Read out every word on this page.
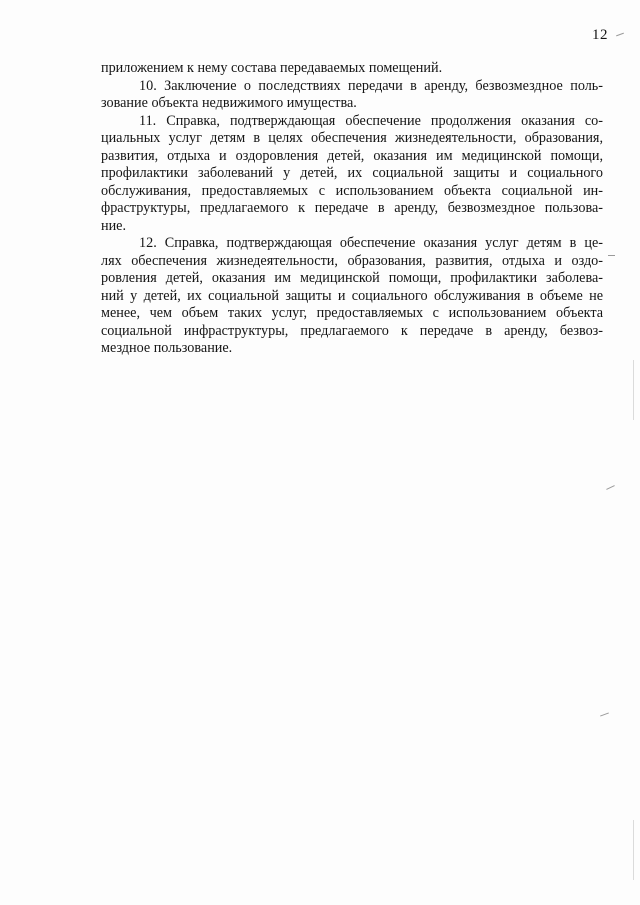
12
приложением к нему состава передаваемых помещений.
10. Заключение о последствиях передачи в аренду, безвозмездное поль-
зование объекта недвижимого имущества.
11. Справка, подтверждающая обеспечение продолжения оказания со-
циальных услуг детям в целях обеспечения жизнедеятельности, образования,
развития, отдыха и оздоровления детей, оказания им медицинской помощи,
профилактики заболеваний у детей, их социальной защиты и социального
обслуживания, предоставляемых с использованием объекта социальной ин-
фраструктуры, предлагаемого к передаче в аренду, безвозмездное пользова-
ние.
12. Справка, подтверждающая обеспечение оказания услуг детям в це-
лях обеспечения жизнедеятельности, образования, развития, отдыха и оздо-
ровления детей, оказания им медицинской помощи, профилактики заболева-
ний у детей, их социальной защиты и социального обслуживания в объеме не
менее, чем объем таких услуг, предоставляемых с использованием объекта
социальной инфраструктуры, предлагаемого к передаче в аренду, безвоз-
мездное пользование.
